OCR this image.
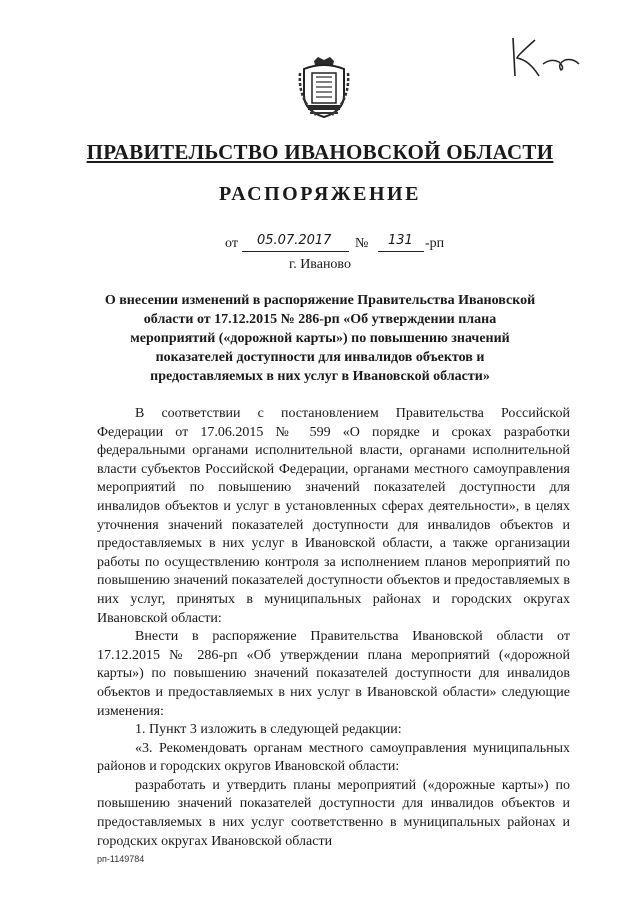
ПРАВИТЕЛЬСТВО ИВАНОВСКОЙ ОБЛАСТИ
РАСПОРЯЖЕНИЕ
от 05.07.2017 № 131 -рп
г. Иваново

О внесении изменений в распоряжение Правительства Ивановской области от 17.12.2015 № 286-рп «Об утверждении плана мероприятий («дорожной карты») по повышению значений показателей доступности для инвалидов объектов и предоставляемых в них услуг в Ивановской области»

В соответствии с постановлением Правительства Российской Федерации от 17.06.2015 № 599 «О порядке и сроках разработки федеральными органами исполнительной власти, органами исполнительной власти субъектов Российской Федерации, органами местного самоуправления мероприятий по повышению значений показателей доступности для инвалидов объектов и услуг в установленных сферах деятельности», в целях уточнения значений показателей доступности для инвалидов объектов и предоставляемых в них услуг в Ивановской области, а также организации работы по осуществлению контроля за исполнением планов мероприятий по повышению значений показателей доступности объектов и предоставляемых в них услуг, принятых в муниципальных районах и городских округах Ивановской области:

Внести в распоряжение Правительства Ивановской области от 17.12.2015 № 286-рп «Об утверждении плана мероприятий («дорожной карты») по повышению значений показателей доступности для инвалидов объектов и предоставляемых в них услуг в Ивановской области» следующие изменения:

1. Пункт 3 изложить в следующей редакции:

«3. Рекомендовать органам местного самоуправления муниципальных районов и городских округов Ивановской области:

разработать и утвердить планы мероприятий («дорожные карты») по повышению значений показателей доступности для инвалидов объектов и предоставляемых в них услуг соответственно в муниципальных районах и городских округах Ивановской области

рп-1149784
